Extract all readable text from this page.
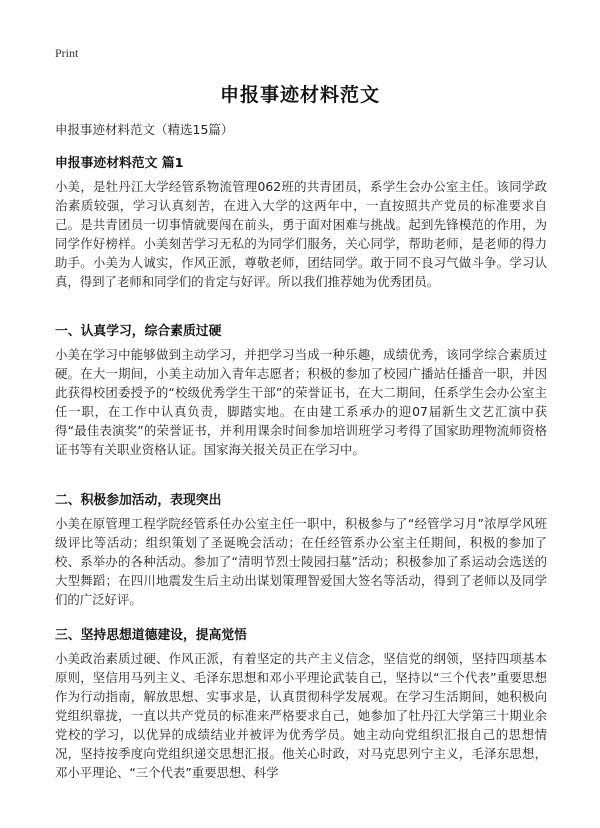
Print
申报事迹材料范文
申报事迹材料范文（精选15篇）
申报事迹材料范文 篇1
小美，是牡丹江大学经管系物流管理062班的共青团员，系学生会办公室主任。该同学政治素质较强，学习认真刻苦，在进入大学的这两年中，一直按照共产党员的标准要求自己。是共青团员一切事情就要闯在前头，勇于面对困难与挑战。起到先锋模范的作用，为同学作好榜样。小美刻苦学习无私的为同学们服务，关心同学，帮助老师，是老师的得力助手。小美为人诚实，作风正派，尊敬老师，团结同学。敢于同不良习气做斗争。学习认真，得到了老师和同学们的肯定与好评。所以我们推荐她为优秀团员。
一、认真学习，综合素质过硬
小美在学习中能够做到主动学习，并把学习当成一种乐趣，成绩优秀，该同学综合素质过硬。在大一期间，小美主动加入青年志愿者；积极的参加了校园广播站任播音一职，并因此获得校团委授予的“校级优秀学生干部”的荣誉证书，在大二期间，任系学生会办公室主任一职，在工作中认真负责，脚踏实地。在由建工系承办的迎07届新生文艺汇演中获得“最佳表演奖”的荣誉证书，并利用课余时间参加培训班学习考得了国家助理物流师资格证书等有关职业资格认证。国家海关报关员正在学习中。
二、积极参加活动，表现突出
小美在原管理工程学院经管系任办公室主任一职中，积极参与了“经管学习月”浓厚学风班级评比等活动；组织策划了圣诞晚会活动；在任经管系办公室主任期间，积极的参加了校、系举办的各种活动。参加了“清明节烈士陵园扫墓”活动；积极参加了系运动会选送的大型舞蹈；在四川地震发生后主动出谋划策理智爱国大签名等活动，得到了老师以及同学们的广泛好评。
三、坚持思想道德建设，提高觉悟
小美政治素质过硬、作风正派，有着坚定的共产主义信念，坚信党的纲领，坚持四项基本原则，坚信用马列主义、毛泽东思想和邓小平理论武装自己，坚持以“三个代表”重要思想作为行动指南，解放思想、实事求是，认真贯彻科学发展观。在学习生活期间，她积极向党组织靠拢，一直以共产党员的标准来严格要求自己，她参加了牡丹江大学第三十期业余党校的学习，以优异的成绩结业并被评为优秀学员。她主动向党组织汇报自己的思想情况，坚持按季度向党组织递交思想汇报。他关心时政，对马克思列宁主义，毛泽东思想，邓小平理论、“三个代表”重要思想、科学
